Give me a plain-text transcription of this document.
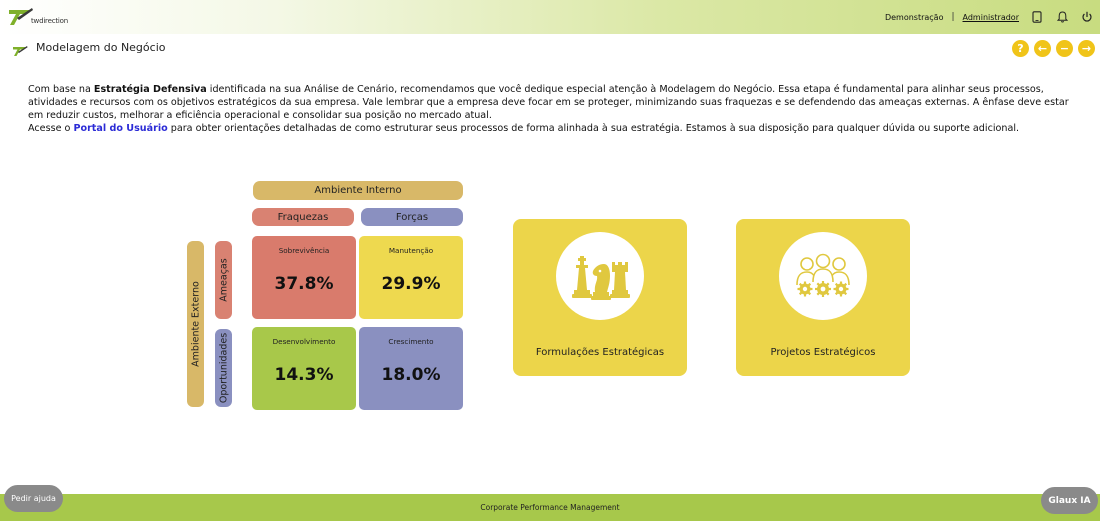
twdirection	Demonstração | Administrador
Modelagem do Negócio	?	←	−	→

Com base na Estratégia Defensiva identificada na sua Análise de Cenário, recomendamos que você dedique especial atenção à Modelagem do Negócio. Essa etapa é fundamental para alinhar seus processos, atividades e recursos com os objetivos estratégicos da sua empresa. Vale lembrar que a empresa deve focar em se proteger, minimizando suas fraquezas e se defendendo das ameaças externas. A ênfase deve estar em reduzir custos, melhorar a eficiência operacional e consolidar sua posição no mercado atual.

Acesse o Portal do Usuário para obter orientações detalhadas de como estruturar seus processos de forma alinhada à sua estratégia. Estamos à sua disposição para qualquer dúvida ou suporte adicional.

Ambiente Interno
Fraquezas	Forças
Ambiente Externo
Ameaças
Oportunidades
Sobrevivência
37.8%
Manutenção
29.9%
Desenvolvimento
14.3%
Crescimento
18.0%
Formulações Estratégicas	Projetos Estratégicos
Corporate Performance Management
Pedir ajuda	Glaux IA
